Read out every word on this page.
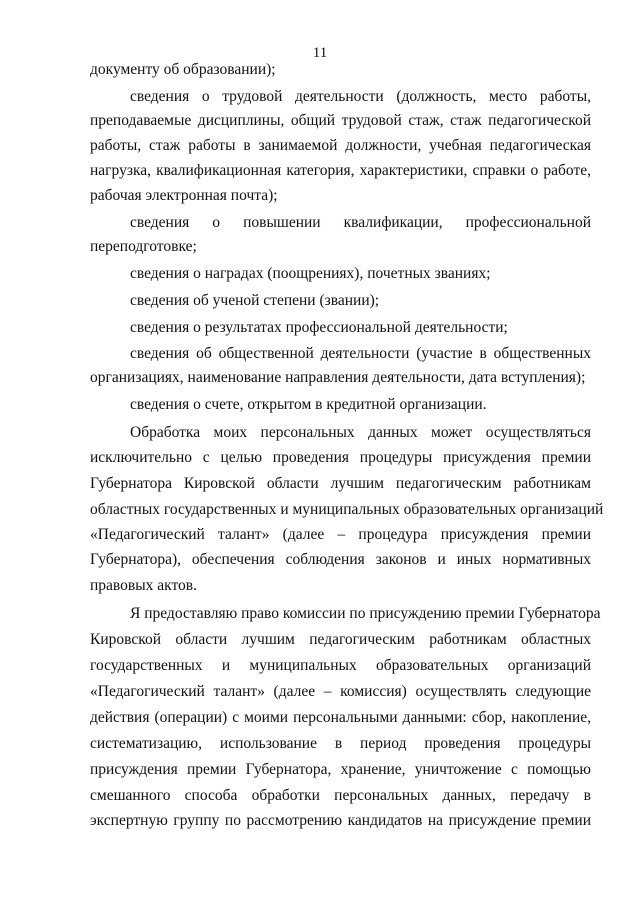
11
документу об образовании);
сведения о трудовой деятельности (должность, место работы,
преподаваемые дисциплины, общий трудовой стаж, стаж педагогической
работы, стаж работы в занимаемой должности, учебная педагогическая
нагрузка, квалификационная категория, характеристики, справки о работе,
рабочая электронная почта);
сведения о повышении квалификации, профессиональной
переподготовке;
сведения о наградах (поощрениях), почетных званиях;
сведения об ученой степени (звании);
сведения о результатах профессиональной деятельности;
сведения об общественной деятельности (участие в общественных
организациях, наименование направления деятельности, дата вступления);
сведения о счете, открытом в кредитной организации.
Обработка моих персональных данных может осуществляться
исключительно с целью проведения процедуры присуждения премии
Губернатора Кировской области лучшим педагогическим работникам
областных государственных и муниципальных образовательных организаций
«Педагогический талант» (далее – процедура присуждения премии
Губернатора), обеспечения соблюдения законов и иных нормативных
правовых актов.
Я предоставляю право комиссии по присуждению премии Губернатора
Кировской области лучшим педагогическим работникам областных
государственных и муниципальных образовательных организаций
«Педагогический талант» (далее – комиссия) осуществлять следующие
действия (операции) с моими персональными данными: сбор, накопление,
систематизацию, использование в период проведения процедуры
присуждения премии Губернатора, хранение, уничтожение с помощью
смешанного способа обработки персональных данных, передачу в
экспертную группу по рассмотрению кандидатов на присуждение премии
